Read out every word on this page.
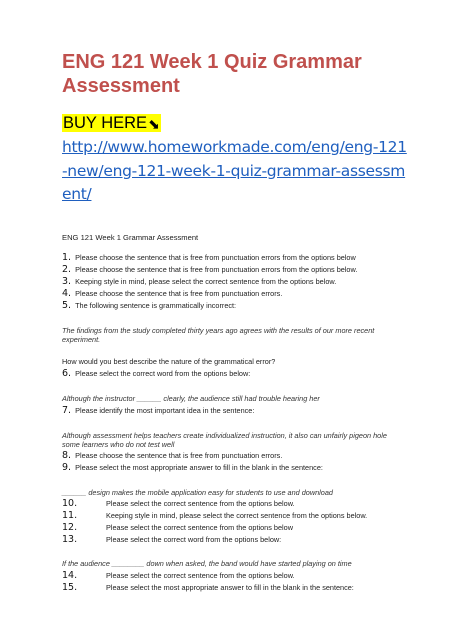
ENG 121 Week 1 Quiz Grammar Assessment
BUY HERE⬊
http://www.homeworkmade.com/eng/eng-121-new/eng-121-week-1-quiz-grammar-assessment/
ENG 121 Week 1 Grammar Assessment
1. Please choose the sentence that is free from punctuation errors from the options below
2. Please choose the sentence that is free from punctuation errors from the options below.
3. Keeping style in mind, please select the correct sentence from the options below.
4. Please choose the sentence that is free from punctuation errors.
5. The following sentence is grammatically incorrect:
The findings from the study completed thirty years ago agrees with the results of our more recent experiment.
How would you best describe the nature of the grammatical error?
6. Please select the correct word from the options below:
Although the instructor ______ clearly, the audience still had trouble hearing her
7. Please identify the most important idea in the sentence:
Although assessment helps teachers create individualized instruction, it also can unfairly pigeon hole some learners who do not test well
8. Please choose the sentence that is free from punctuation errors.
9. Please select the most appropriate answer to fill in the blank in the sentence:
______ design makes the mobile application easy for students to use and download
10.	Please select the correct sentence from the options below.
11.	Keeping style in mind, please select the correct sentence from the options below.
12.	Please select the correct sentence from the options below
13.	Please select the correct word from the options below:
If the audience ________ down when asked, the band would have started playing on time
14.	Please select the correct sentence from the options below.
15.	Please select the most appropriate answer to fill in the blank in the sentence:
